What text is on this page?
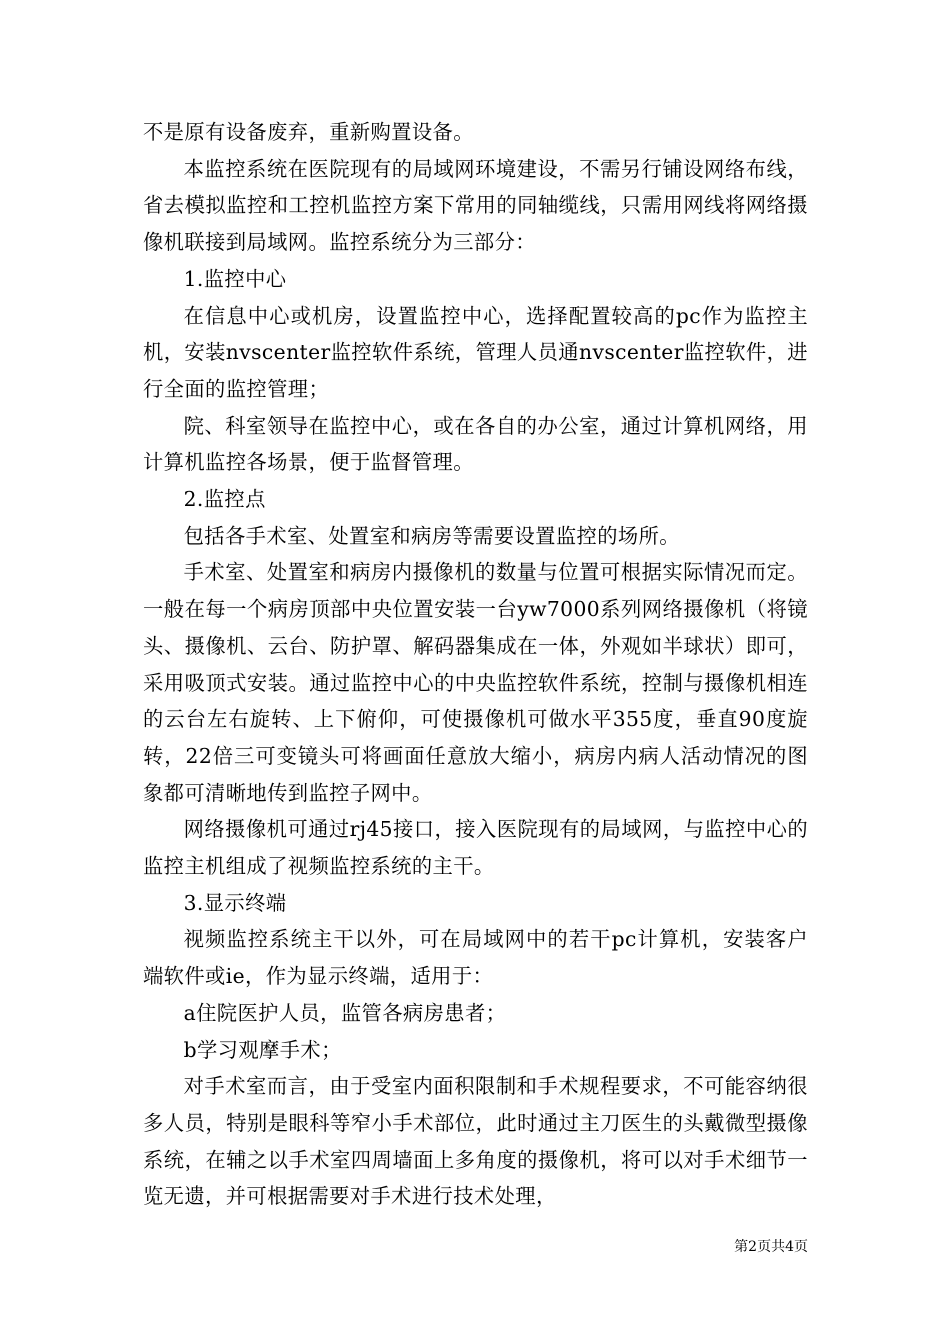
不是原有设备废弃，重新购置设备。

本监控系统在医院现有的局域网环境建设，不需另行铺设网络布线，省去模拟监控和工控机监控方案下常用的同轴缆线，只需用网线将网络摄像机联接到局域网。监控系统分为三部分：

1.监控中心

在信息中心或机房，设置监控中心，选择配置较高的pc作为监控主机，安装nvscenter监控软件系统，管理人员通nvscenter监控软件，进行全面的监控管理；

院、科室领导在监控中心，或在各自的办公室，通过计算机网络，用计算机监控各场景，便于监督管理。

2.监控点

包括各手术室、处置室和病房等需要设置监控的场所。

手术室、处置室和病房内摄像机的数量与位置可根据实际情况而定。一般在每一个病房顶部中央位置安装一台yw7000系列网络摄像机（将镜头、摄像机、云台、防护罩、解码器集成在一体，外观如半球状）即可，采用吸顶式安装。通过监控中心的中央监控软件系统，控制与摄像机相连的云台左右旋转、上下俯仰，可使摄像机可做水平355度，垂直90度旋转，22倍三可变镜头可将画面任意放大缩小，病房内病人活动情况的图象都可清晰地传到监控子网中。

网络摄像机可通过rj45接口，接入医院现有的局域网，与监控中心的监控主机组成了视频监控系统的主干。

3.显示终端

视频监控系统主干以外，可在局域网中的若干pc计算机，安装客户端软件或ie，作为显示终端，适用于：

a住院医护人员，监管各病房患者；

b学习观摩手术；

对手术室而言，由于受室内面积限制和手术规程要求，不可能容纳很多人员，特别是眼科等窄小手术部位，此时通过主刀医生的头戴微型摄像系统，在辅之以手术室四周墙面上多角度的摄像机，将可以对手术细节一览无遗，并可根据需要对手术进行技术处理，

第2页共4页
